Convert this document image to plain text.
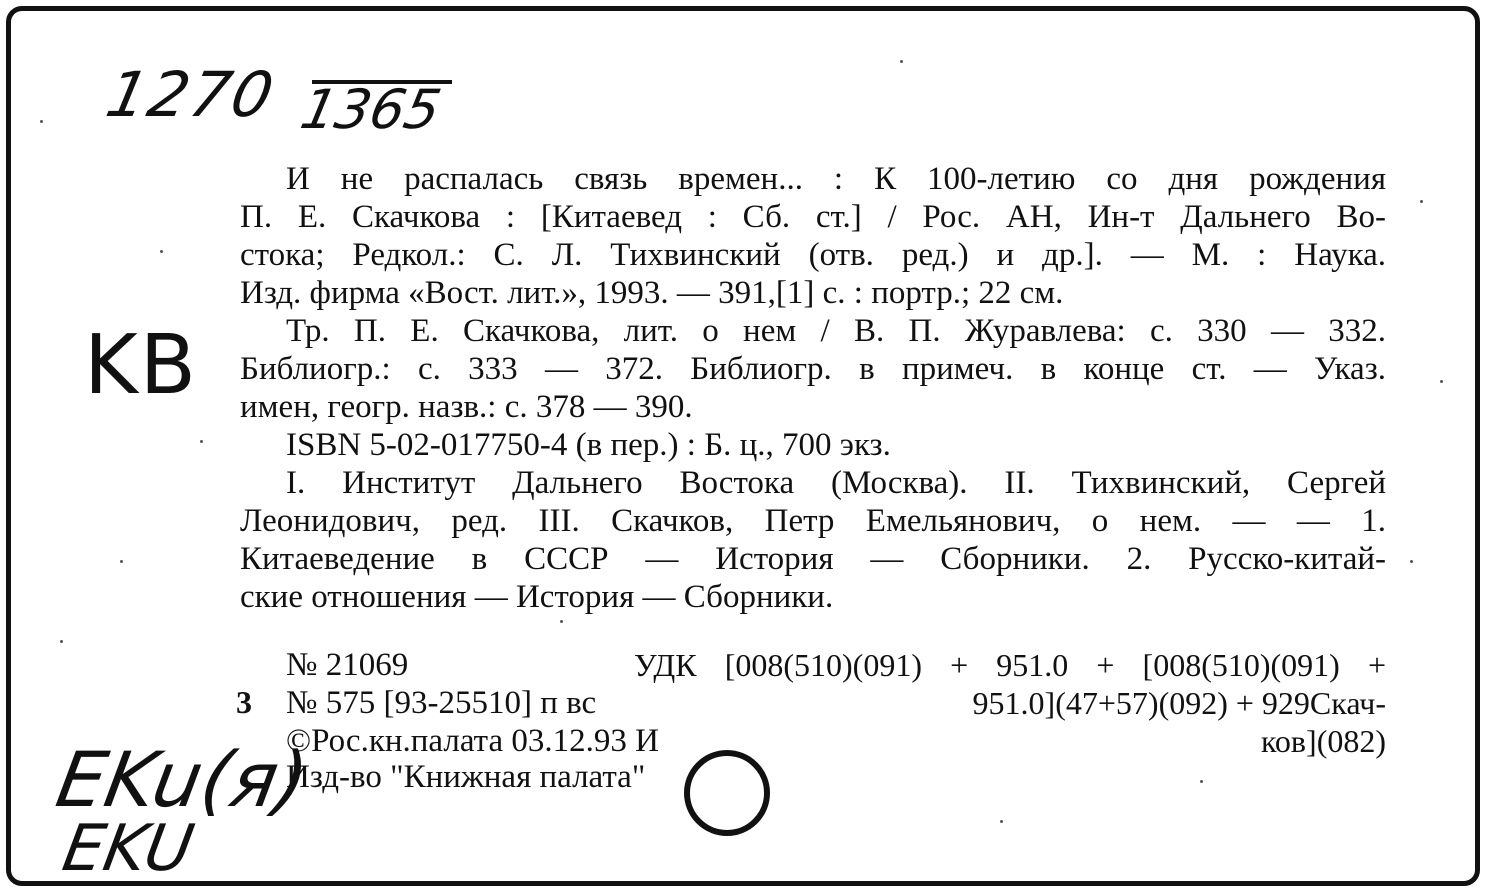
1270 1365
KB
EKu(я)
EKU
И не распалась связь времен... : К 100-летию со дня рождения
П. Е. Скачкова : [Китаевед : Сб. ст.] / Рос. АН, Ин-т Дальнего Во-
стока; Редкол.: С. Л. Тихвинский (отв. ред.) и др.]. — М. : Наука.
Изд. фирма «Вост. лит.», 1993. — 391,[1] с. : портр.; 22 см.
Тр. П. Е. Скачкова, лит. о нем / В. П. Журавлева: с. 330 — 332.
Библиогр.: с. 333 — 372. Библиогр. в примеч. в конце ст. — Указ.
имен, геогр. назв.: с. 378 — 390.
ISBN 5-02-017750-4 (в пер.) : Б. ц., 700 экз.
I. Институт Дальнего Востока (Москва). II. Тихвинский, Сергей
Леонидович, ред. III. Скачков, Петр Емельянович, о нем. — — 1.
Китаеведение в СССР — История — Сборники. 2. Русско-китай-
ские отношения — История — Сборники.
№ 21069
3 № 575 [93-25510] п вс
©Рос.кн.палата 03.12.93 И
Изд-во "Книжная палата"
УДК [008(510)(091) + 951.0 + [008(510)(091) +
951.0](47+57)(092) + 929Скач-
ков](082)
